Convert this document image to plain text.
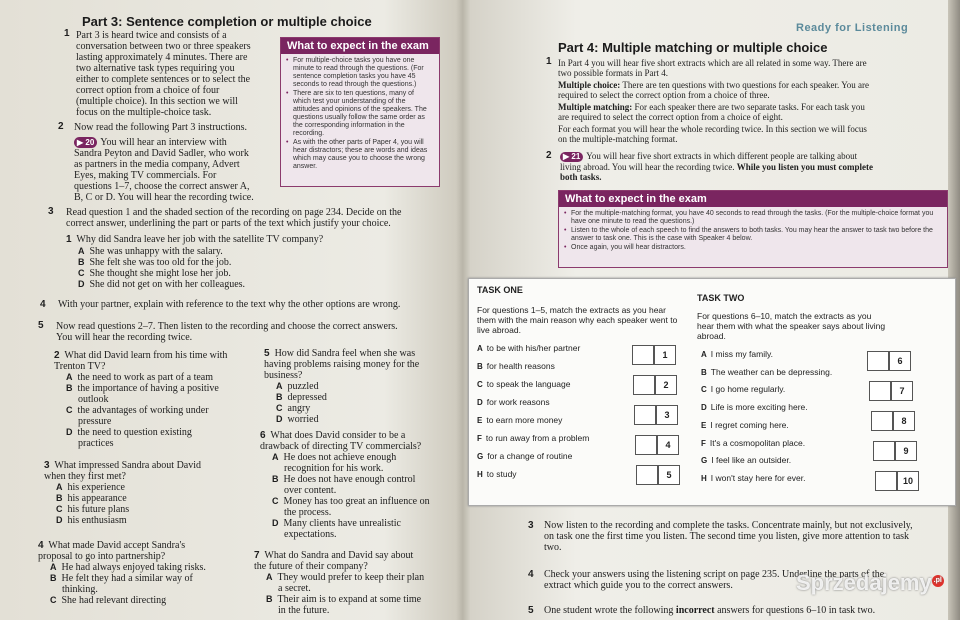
Part 3: Sentence completion or multiple choice
1 Part 3 is heard twice and consists of a
conversation between two or three speakers
lasting approximately 4 minutes. There are
two alternative task types requiring you
either to complete sentences or to select the
correct option from a choice of four
(multiple choice). In this section we will
focus on the multiple-choice task.
What to expect in the exam
• For multiple-choice tasks you have one minute to read through the questions. (For sentence completion tasks you have 45 seconds to read through the questions.)
• There are six to ten questions, many of which test your understanding of the attitudes and opinions of the speakers. The questions usually follow the same order as the corresponding information in the recording.
• As with the other parts of Paper 4, you will hear distractors; these are words and ideas which may cause you to choose the wrong answer.
2 Now read the following Part 3 instructions.
▶ 20 You will hear an interview with
Sandra Peyton and David Sadler, who work
as partners in the media company, Advert
Eyes, making TV commercials. For
questions 1–7, choose the correct answer A,
B, C or D. You will hear the recording twice.
3 Read question 1 and the shaded section of the recording on page 234. Decide on the
correct answer, underlining the part or parts of the text which justify your choice.
1 Why did Sandra leave her job with the satellite TV company?
A She was unhappy with the salary.
B She felt she was too old for the job.
C She thought she might lose her job.
D She did not get on with her colleagues.
4 With your partner, explain with reference to the text why the other options are wrong.
5 Now read questions 2–7. Then listen to the recording and choose the correct answers.
You will hear the recording twice.
2 What did David learn from his time with
Trenton TV?
A the need to work as part of a team
B the importance of having a positive
outlook
C the advantages of working under
pressure
D the need to question existing
practices
3 What impressed Sandra about David
when they first met?
A his experience
B his appearance
C his future plans
D his enthusiasm
4 What made David accept Sandra's
proposal to go into partnership?
A He had always enjoyed taking risks.
B He felt they had a similar way of
thinking.
C She had relevant directing
5 How did Sandra feel when she was
having problems raising money for the
business?
A puzzled
B depressed
C angry
D worried
6 What does David consider to be a
drawback of directing TV commercials?
A He does not achieve enough
recognition for his work.
B He does not have enough control
over content.
C Money has too great an influence on
the process.
D Many clients have unrealistic
expectations.
7 What do Sandra and David say about
the future of their company?
A They would prefer to keep their plan
a secret.
B Their aim is to expand at some time
in the future.
Ready for Listening
Part 4: Multiple matching or multiple choice
1 In Part 4 you will hear five short extracts which are all related in some way. There are
two possible formats in Part 4.
Multiple choice: There are ten questions with two questions for each speaker. You are
required to select the correct option from a choice of three.
Multiple matching: For each speaker there are two separate tasks. For each task you
are required to select the correct option from a choice of eight.
For each format you will hear the whole recording twice. In this section we will focus
on the multiple-matching format.
2	▶ 21 You will hear five short extracts in which different people are talking about
living abroad. You will hear the recording twice. While you listen you must complete
both tasks.
What to expect in the exam
• For the multiple-matching format, you have 40 seconds to read through the tasks. (For the multiple-choice format you have one minute to read the questions.)
• Listen to the whole of each speech to find the answers to both tasks. You may hear the answer to task two before the answer to task one. This is the case with Speaker 4 below.
• Once again, you will hear distractors.
3 Now listen to the recording and complete the tasks. Concentrate mainly, but not exclusively,
on task one the first time you listen. The second time you listen, give more attention to task
two.
4 Check your answers using the listening script on page 235. Underline the parts of the
extract which guide you to the correct answers.
5 One student wrote the following incorrect answers for questions 6–10 in task two.
TASK ONE
For questions 1–5, match the extracts as you hear
them with the main reason why each speaker went to
live abroad.
A to be with his/her partner
B for health reasons
C to speak the language
D for work reasons
E to earn more money
F to run away from a problem
G for a change of routine
H to study
1
2
3
4
5
TASK TWO
For questions 6–10, match the extracts as you
hear them with what the speaker says about living
abroad.
A I miss my family.
B The weather can be depressing.
C I go home regularly.
D Life is more exciting here.
E I regret coming here.
F It's a cosmopolitan place.
G I feel like an outsider.
H I won't stay here for ever.
6
7
8
9
10
Sprzedajemy .pl
